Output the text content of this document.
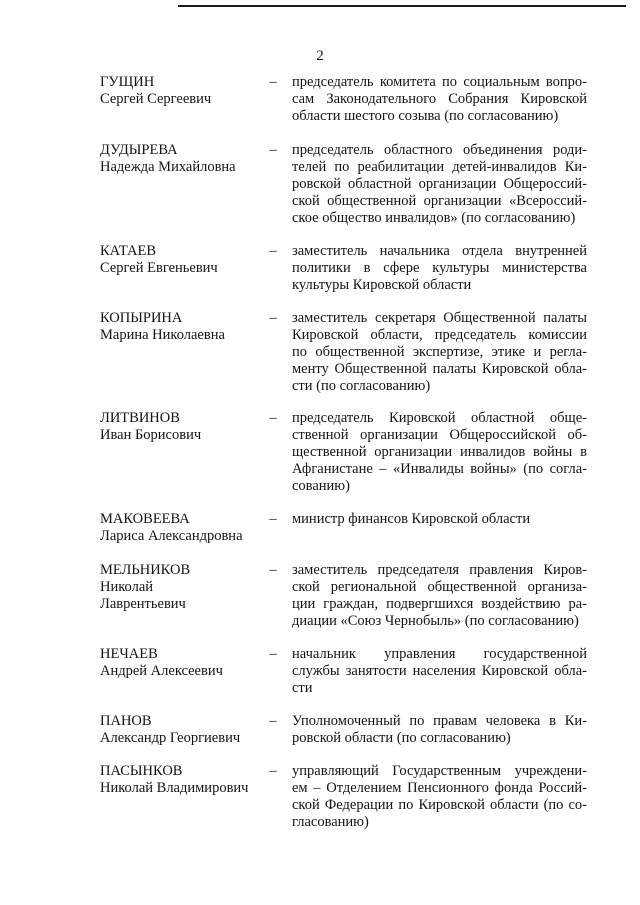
2
ГУЩИН
Сергей Сергеевич
– председатель комитета по социальным вопро-
сам Законодательного Собрания Кировской
области шестого созыва (по согласованию)
ДУДЫРЕВА
Надежда Михайловна
– председатель областного объединения роди-
телей по реабилитации детей-инвалидов Ки-
ровской областной организации Общероссий-
ской общественной организации «Всероссий-
ское общество инвалидов» (по согласованию)
КАТАЕВ
Сергей Евгеньевич
– заместитель начальника отдела внутренней
политики в сфере культуры министерства
культуры Кировской области
КОПЫРИНА
Марина Николаевна
– заместитель секретаря Общественной палаты
Кировской области, председатель комиссии
по общественной экспертизе, этике и регла-
менту Общественной палаты Кировской обла-
сти (по согласованию)
ЛИТВИНОВ
Иван Борисович
– председатель Кировской областной обще-
ственной организации Общероссийской об-
щественной организации инвалидов войны в
Афганистане – «Инвалиды войны» (по согла-
сованию)
МАКОВЕЕВА
Лариса Александровна
– министр финансов Кировской области
МЕЛЬНИКОВ
Николай
Лаврентьевич
– заместитель председателя правления Киров-
ской региональной общественной организа-
ции граждан, подвергшихся воздействию ра-
диации «Союз Чернобыль» (по согласованию)
НЕЧАЕВ
Андрей Алексеевич
– начальник управления государственной
службы занятости населения Кировской обла-
сти
ПАНОВ
Александр Георгиевич
– Уполномоченный по правам человека в Ки-
ровской области (по согласованию)
ПАСЫНКОВ
Николай Владимирович
– управляющий Государственным учреждени-
ем – Отделением Пенсионного фонда Россий-
ской Федерации по Кировской области (по со-
гласованию)
